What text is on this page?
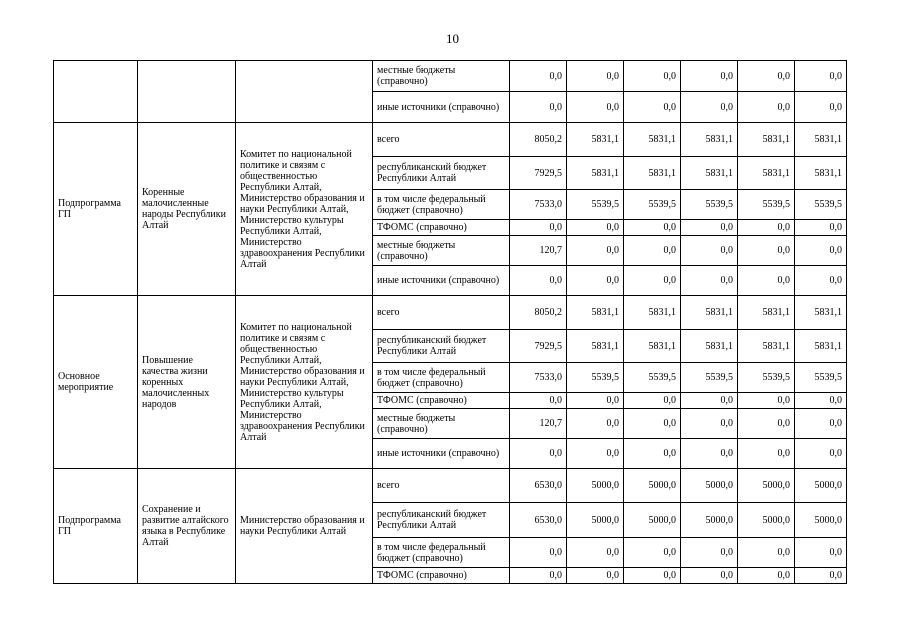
10
			местные бюджеты (справочно)	0,0	0,0	0,0	0,0	0,0	0,0
			иные источники (справочно)	0,0	0,0	0,0	0,0	0,0	0,0
Подпрограмма ГП	Коренные малочисленные народы Республики Алтай	Комитет по национальной политике и связям с общественностью Республики Алтай, Министерство образования и науки Республики Алтай, Министерство культуры Республики Алтай, Министерство здравоохранения Республики Алтай	всего	8050,2	5831,1	5831,1	5831,1	5831,1	5831,1
			республиканский бюджет Республики Алтай	7929,5	5831,1	5831,1	5831,1	5831,1	5831,1
			в том числе федеральный бюджет (справочно)	7533,0	5539,5	5539,5	5539,5	5539,5	5539,5
			ТФОМС (справочно)	0,0	0,0	0,0	0,0	0,0	0,0
			местные бюджеты (справочно)	120,7	0,0	0,0	0,0	0,0	0,0
			иные источники (справочно)	0,0	0,0	0,0	0,0	0,0	0,0
Основное мероприятие	Повышение качества жизни коренных малочисленных народов	Комитет по национальной политике и связям с общественностью Республики Алтай, Министерство образования и науки Республики Алтай, Министерство культуры Республики Алтай, Министерство здравоохранения Республики Алтай	всего	8050,2	5831,1	5831,1	5831,1	5831,1	5831,1
			республиканский бюджет Республики Алтай	7929,5	5831,1	5831,1	5831,1	5831,1	5831,1
			в том числе федеральный бюджет (справочно)	7533,0	5539,5	5539,5	5539,5	5539,5	5539,5
			ТФОМС (справочно)	0,0	0,0	0,0	0,0	0,0	0,0
			местные бюджеты (справочно)	120,7	0,0	0,0	0,0	0,0	0,0
			иные источники (справочно)	0,0	0,0	0,0	0,0	0,0	0,0
Подпрограмма ГП	Сохранение и развитие алтайского языка в Республике Алтай	Министерство образования и науки Республики Алтай	всего	6530,0	5000,0	5000,0	5000,0	5000,0	5000,0
			республиканский бюджет Республики Алтай	6530,0	5000,0	5000,0	5000,0	5000,0	5000,0
			в том числе федеральный бюджет (справочно)	0,0	0,0	0,0	0,0	0,0	0,0
			ТФОМС (справочно)	0,0	0,0	0,0	0,0	0,0	0,0
